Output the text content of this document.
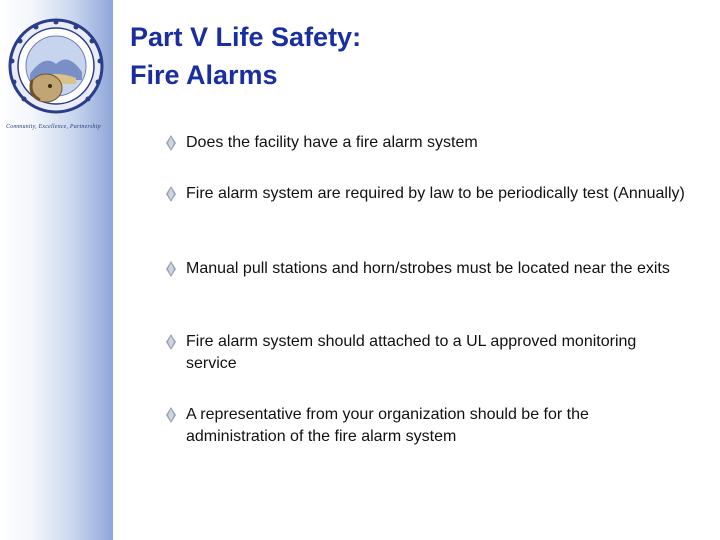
Community, Excellence, Partnership
Part V Life Safety:
Fire Alarms
Does the facility have a fire alarm system
Fire alarm system are required by law to be periodically test (Annually)
Manual pull stations and horn/strobes must be located near the exits
Fire alarm system should attached to a UL approved monitoring service
A representative from your organization should be for the administration of the fire alarm system
